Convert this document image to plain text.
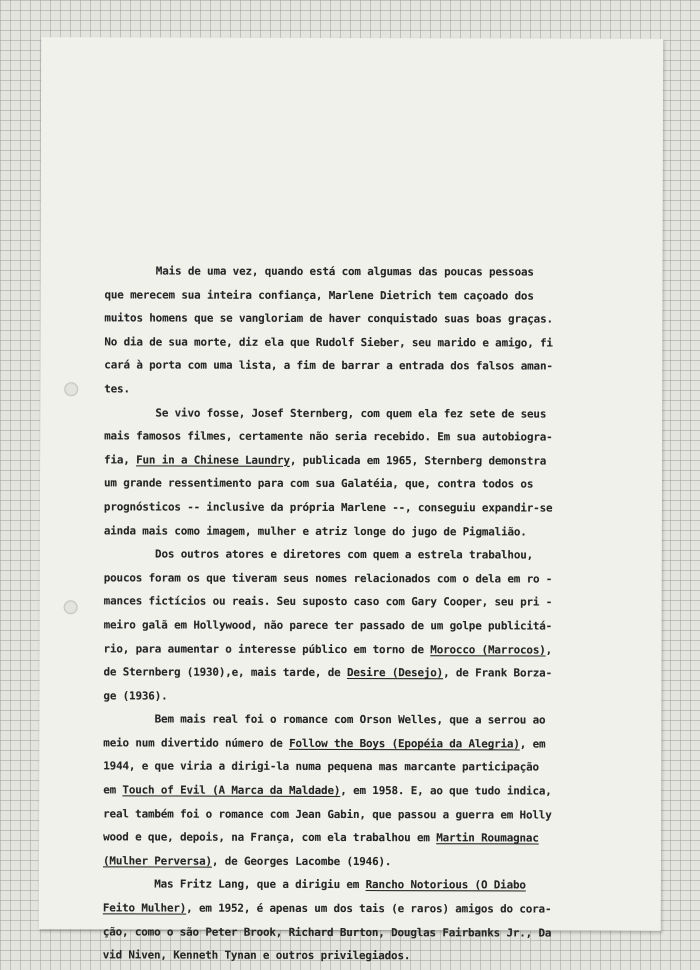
Mais de uma vez, quando está com algumas das poucas pessoas
que merecem sua inteira confiança, Marlene Dietrich tem caçoado dos
muitos homens que se vangloriam de haver conquistado suas boas graças.
No dia de sua morte, diz ela que Rudolf Sieber, seu marido e amigo, fi
cará à porta com uma lista, a fim de barrar a entrada dos falsos aman-
tes.
Se vivo fosse, Josef Sternberg, com quem ela fez sete de seus
mais famosos filmes, certamente não seria recebido. Em sua autobiogra-
fia, Fun in a Chinese Laundry, publicada em 1965, Sternberg demonstra
um grande ressentimento para com sua Galatéia, que, contra todos os
prognósticos -- inclusive da própria Marlene --, conseguiu expandir-se
ainda mais como imagem, mulher e atriz longe do jugo de Pigmalião.
Dos outros atores e diretores com quem a estrela trabalhou,
poucos foram os que tiveram seus nomes relacionados com o dela em ro -
mances fictícios ou reais. Seu suposto caso com Gary Cooper, seu pri -
meiro galã em Hollywood, não parece ter passado de um golpe publicitá-
rio, para aumentar o interesse público em torno de Morocco (Marrocos),
de Sternberg (1930),e, mais tarde, de Desire (Desejo), de Frank Borza-
ge (1936).
Bem mais real foi o romance com Orson Welles, que a serrou ao
meio num divertido número de Follow the Boys (Epopéia da Alegria), em
1944, e que viria a dirigi-la numa pequena mas marcante participação
em Touch of Evil (A Marca da Maldade), em 1958. E, ao que tudo indica,
real também foi o romance com Jean Gabin, que passou a guerra em Holly
wood e que, depois, na França, com ela trabalhou em Martin Roumagnac
(Mulher Perversa), de Georges Lacombe (1946).
Mas Fritz Lang, que a dirigiu em Rancho Notorious (O Diabo
Feito Mulher), em 1952, é apenas um dos tais (e raros) amigos do cora-
ção, como o são Peter Brook, Richard Burton, Douglas Fairbanks Jr., Da
vid Niven, Kenneth Tynan e outros privilegiados.
